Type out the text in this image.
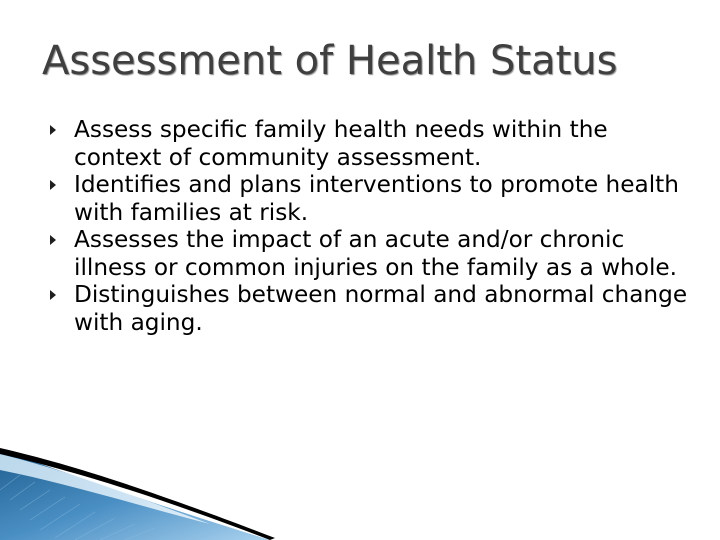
Assessment of Health Status
Assess specific family health needs within the context of community assessment.
Identifies and plans interventions to promote health with families at risk.
Assesses the impact of an acute and/or chronic illness or common injuries on the family as a whole.
Distinguishes between normal and abnormal change with aging.
